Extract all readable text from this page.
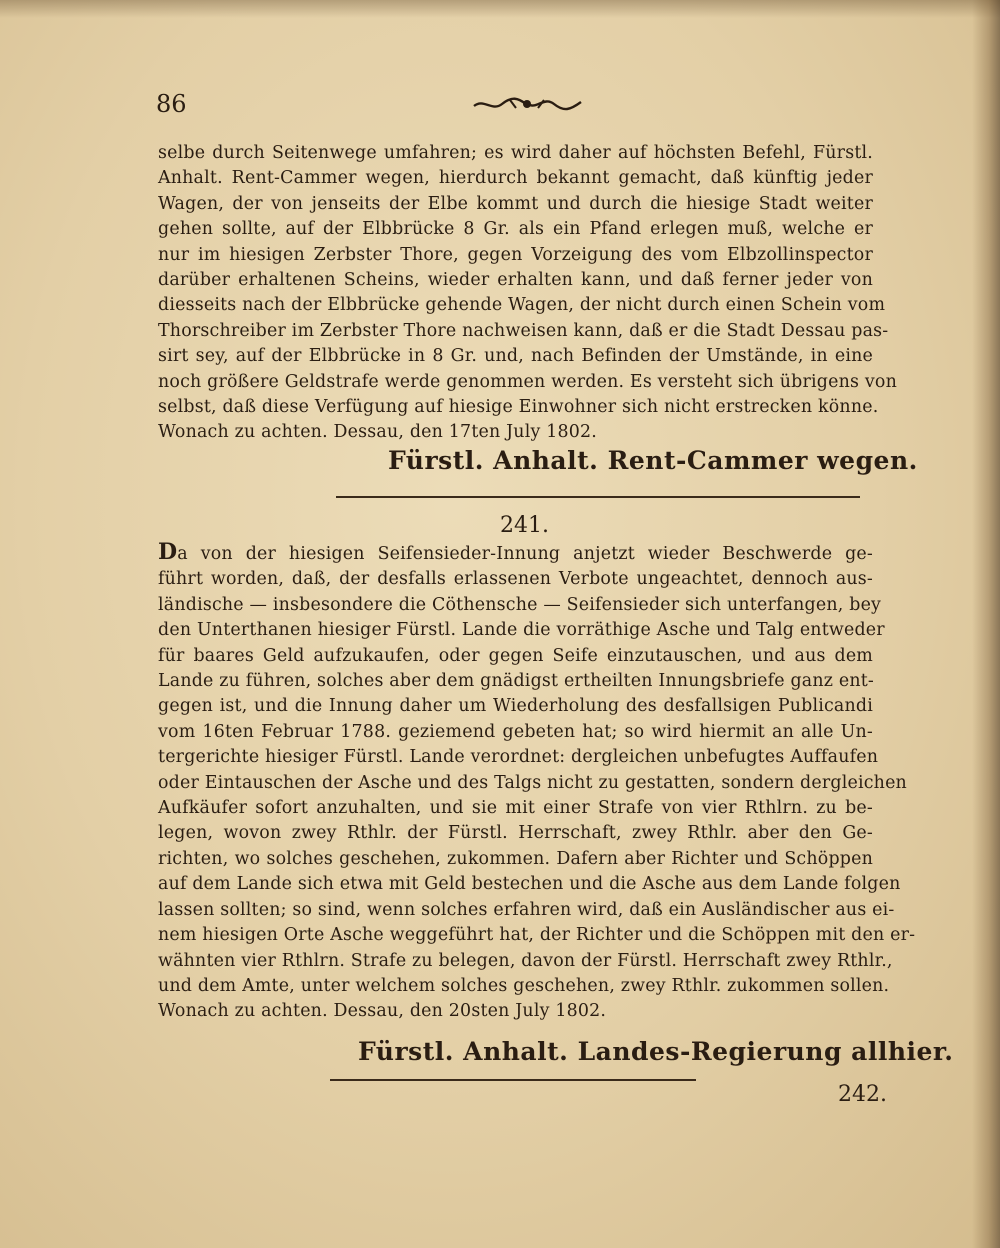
86
selbe durch Seitenwege umfahren; es wird daher auf höchsten Befehl, Fürstl.
Anhalt. Rent-Cammer wegen, hierdurch bekannt gemacht, daß künftig jeder
Wagen, der von jenseits der Elbe kommt und durch die hiesige Stadt weiter
gehen sollte, auf der Elbbrücke 8 Gr. als ein Pfand erlegen muß, welche er
nur im hiesigen Zerbster Thore, gegen Vorzeigung des vom Elbzollinspector
darüber erhaltenen Scheins, wieder erhalten kann, und daß ferner jeder von
diesseits nach der Elbbrücke gehende Wagen, der nicht durch einen Schein vom
Thorschreiber im Zerbster Thore nachweisen kann, daß er die Stadt Dessau pas-
sirt sey, auf der Elbbrücke in 8 Gr. und, nach Befinden der Umstände, in eine
noch größere Geldstrafe werde genommen werden. Es versteht sich übrigens von
selbst, daß diese Verfügung auf hiesige Einwohner sich nicht erstrecken könne.
Wonach zu achten. Dessau, den 17ten July 1802.
Fürstl. Anhalt. Rent-Cammer wegen.
241.
Da von der hiesigen Seifensieder-Innung anjetzt wieder Beschwerde ge-
führt worden, daß, der desfalls erlassenen Verbote ungeachtet, dennoch aus-
ländische — insbesondere die Cöthensche — Seifensieder sich unterfangen, bey
den Unterthanen hiesiger Fürstl. Lande die vorräthige Asche und Talg entweder
für baares Geld aufzukaufen, oder gegen Seife einzutauschen, und aus dem
Lande zu führen, solches aber dem gnädigst ertheilten Innungsbriefe ganz ent-
gegen ist, und die Innung daher um Wiederholung des desfallsigen Publicandi
vom 16ten Februar 1788. geziemend gebeten hat; so wird hiermit an alle Un-
tergerichte hiesiger Fürstl. Lande verordnet: dergleichen unbefugtes Auffaufen
oder Eintauschen der Asche und des Talgs nicht zu gestatten, sondern dergleichen
Aufkäufer sofort anzuhalten, und sie mit einer Strafe von vier Rthlrn. zu be-
legen, wovon zwey Rthlr. der Fürstl. Herrschaft, zwey Rthlr. aber den Ge-
richten, wo solches geschehen, zukommen. Dafern aber Richter und Schöppen
auf dem Lande sich etwa mit Geld bestechen und die Asche aus dem Lande folgen
lassen sollten; so sind, wenn solches erfahren wird, daß ein Ausländischer aus ei-
nem hiesigen Orte Asche weggeführt hat, der Richter und die Schöppen mit den er-
wähnten vier Rthlrn. Strafe zu belegen, davon der Fürstl. Herrschaft zwey Rthlr.,
und dem Amte, unter welchem solches geschehen, zwey Rthlr. zukommen sollen.
Wonach zu achten. Dessau, den 20sten July 1802.
Fürstl. Anhalt. Landes-Regierung allhier.
242.
